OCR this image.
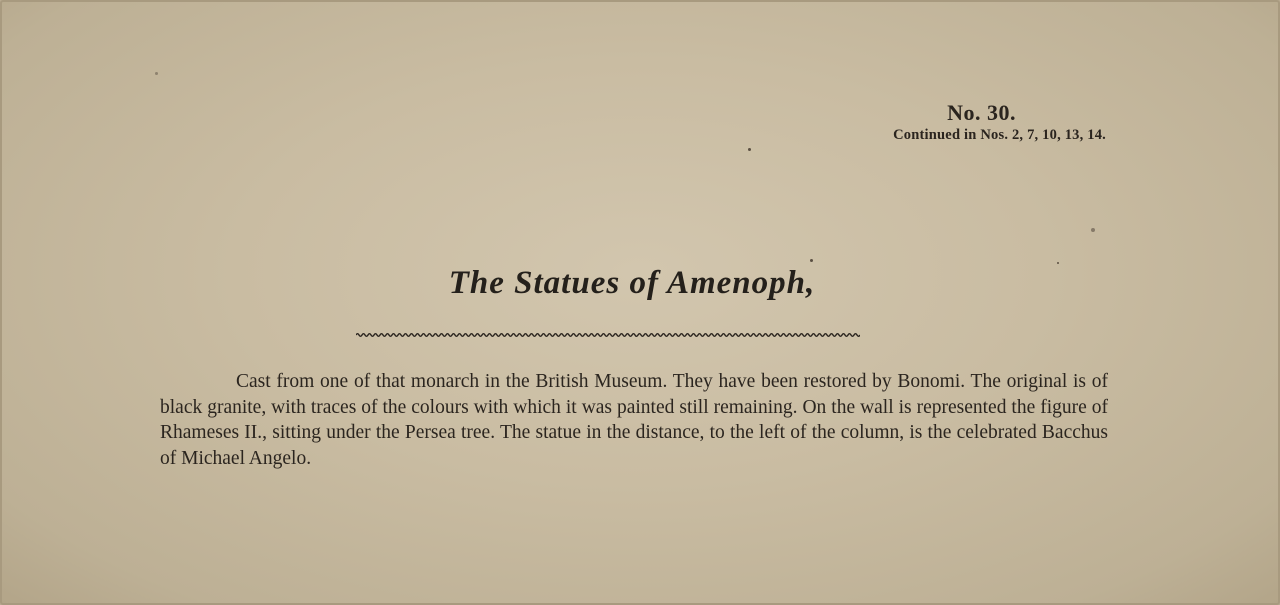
No. 30.
Continued in Nos. 2, 7, 10, 13, 14.
The Statues of Amenoph,
Cast from one of that monarch in the British Museum. They have been restored by Bonomi. The original is of black granite, with traces of the colours with which it was painted still remaining. On the wall is represented the figure of Rhameses II., sitting under the Persea tree. The statue in the distance, to the left of the column, is the celebrated Bacchus of Michael Angelo.
